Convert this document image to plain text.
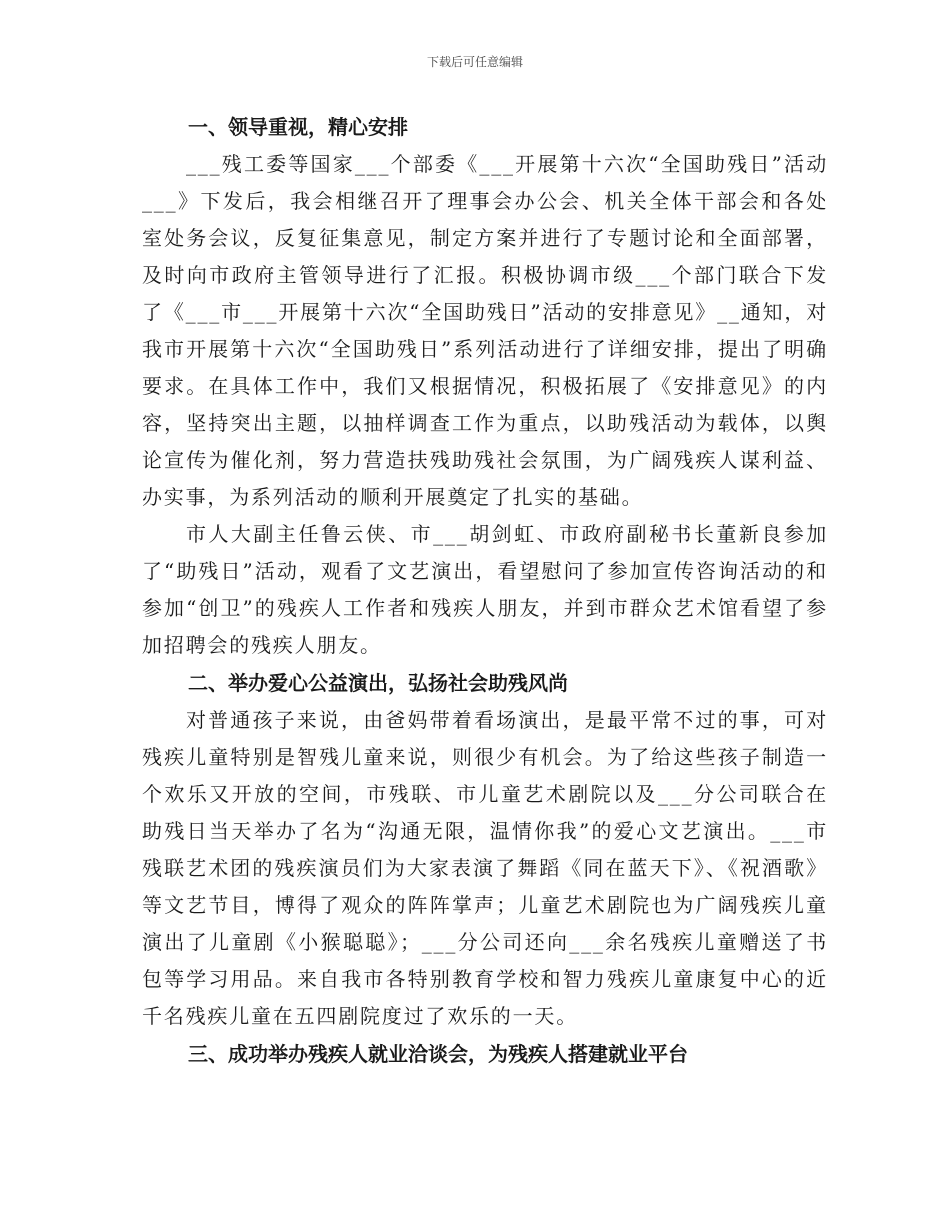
下载后可任意编辑
一、领导重视，精心安排

___残工委等国家___个部委《___开展第十六次“全国助残日”活动___》下发后，我会相继召开了理事会办公会、机关全体干部会和各处室处务会议，反复征集意见，制定方案并进行了专题讨论和全面部署，及时向市政府主管领导进行了汇报。积极协调市级___个部门联合下发了《___市___开展第十六次“全国助残日”活动的安排意见》__通知，对我市开展第十六次“全国助残日”系列活动进行了详细安排，提出了明确要求。在具体工作中，我们又根据情况，积极拓展了《安排意见》的内容，坚持突出主题，以抽样调查工作为重点，以助残活动为载体，以舆论宣传为催化剂，努力营造扶残助残社会氛围，为广阔残疾人谋利益、办实事，为系列活动的顺利开展奠定了扎实的基础。

市人大副主任鲁云侠、市___胡剑虹、市政府副秘书长董新良参加了“助残日”活动，观看了文艺演出，看望慰问了参加宣传咨询活动的和参加“创卫”的残疾人工作者和残疾人朋友，并到市群众艺术馆看望了参加招聘会的残疾人朋友。

二、举办爱心公益演出，弘扬社会助残风尚

对普通孩子来说，由爸妈带着看场演出，是最平常不过的事，可对残疾儿童特别是智残儿童来说，则很少有机会。为了给这些孩子制造一个欢乐又开放的空间，市残联、市儿童艺术剧院以及___分公司联合在助残日当天举办了名为“沟通无限，温情你我”的爱心文艺演出。___市残联艺术团的残疾演员们为大家表演了舞蹈《同在蓝天下》、《祝酒歌》等文艺节目，博得了观众的阵阵掌声；儿童艺术剧院也为广阔残疾儿童演出了儿童剧《小猴聪聪》；___分公司还向___余名残疾儿童赠送了书包等学习用品。来自我市各特别教育学校和智力残疾儿童康复中心的近千名残疾儿童在五四剧院度过了欢乐的一天。

三、成功举办残疾人就业洽谈会，为残疾人搭建就业平台
